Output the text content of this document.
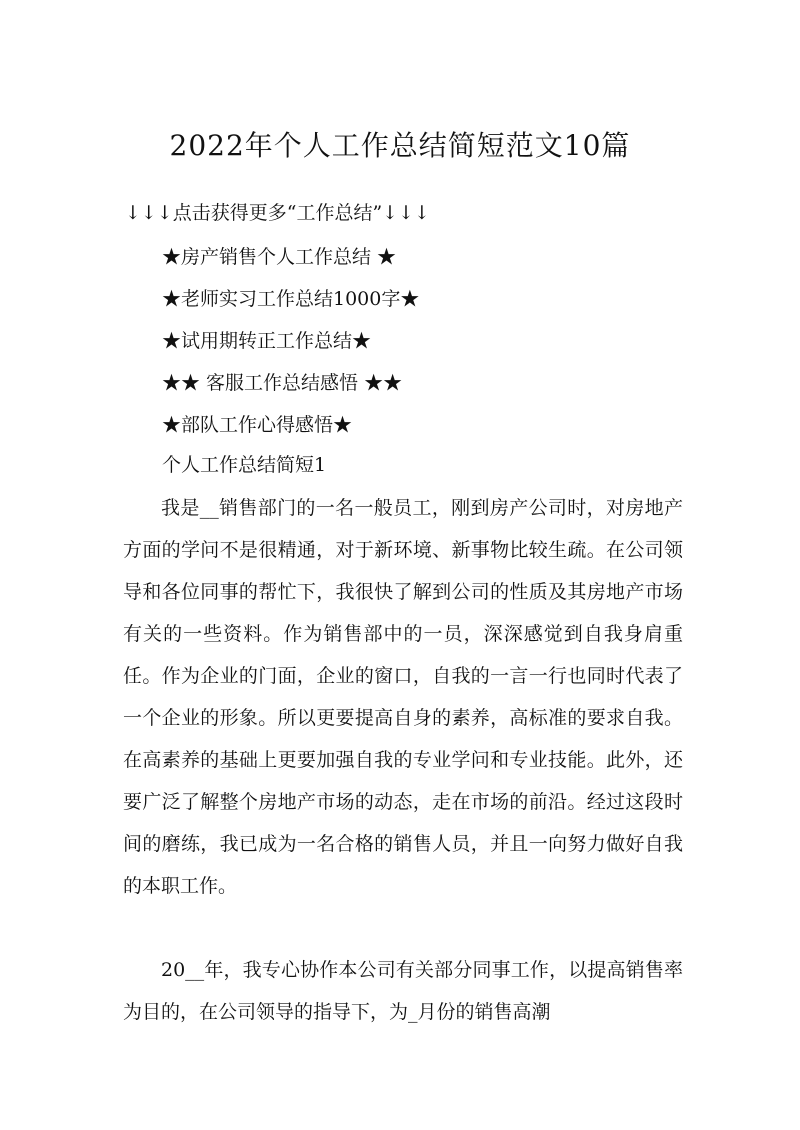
2022年个人工作总结简短范文10篇
↓↓↓点击获得更多“工作总结”↓↓↓
★房产销售个人工作总结 ★
★老师实习工作总结1000字★
★试用期转正工作总结★
★★ 客服工作总结感悟 ★★
★部队工作心得感悟★
个人工作总结简短1

我是__销售部门的一名一般员工，刚到房产公司时，对房地产方面的学问不是很精通，对于新环境、新事物比较生疏。在公司领导和各位同事的帮忙下，我很快了解到公司的性质及其房地产市场有关的一些资料。作为销售部中的一员，深深感觉到自我身肩重任。作为企业的门面，企业的窗口，自我的一言一行也同时代表了一个企业的形象。所以更要提高自身的素养，高标准的要求自我。在高素养的基础上更要加强自我的专业学问和专业技能。此外，还要广泛了解整个房地产市场的动态，走在市场的前沿。经过这段时间的磨练，我已成为一名合格的销售人员，并且一向努力做好自我的本职工作。

20__年，我专心协作本公司有关部分同事工作，以提高销售率为目的，在公司领导的指导下，为_月份的销售高潮
